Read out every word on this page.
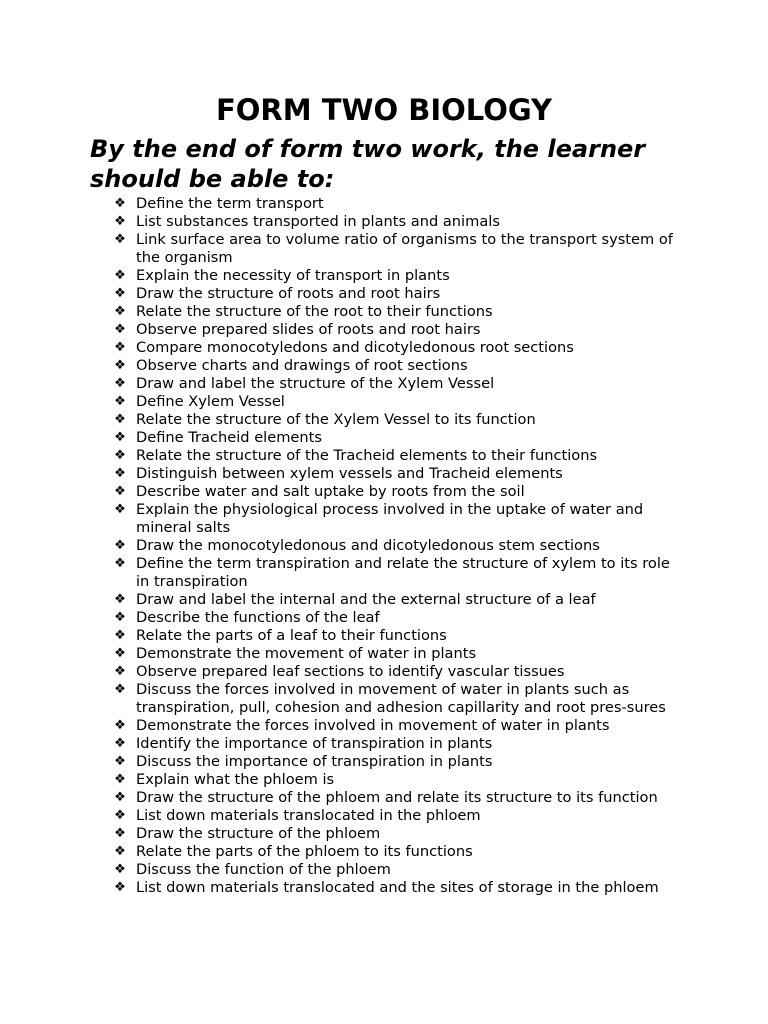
FORM TWO BIOLOGY
By the end of form two work, the learner should be able to:
❖ Define the term transport
❖ List substances transported in plants and animals
❖ Link surface area to volume ratio of organisms to the transport system of the organism
❖ Explain the necessity of transport in plants
❖ Draw the structure of roots and root hairs
❖ Relate the structure of the root to their functions
❖ Observe prepared slides of roots and root hairs
❖ Compare monocotyledons and dicotyledonous root sections
❖ Observe charts and drawings of root sections
❖ Draw and label the structure of the Xylem Vessel
❖ Define Xylem Vessel
❖ Relate the structure of the Xylem Vessel to its function
❖ Define Tracheid elements
❖ Relate the structure of the Tracheid elements to their functions
❖ Distinguish between xylem vessels and Tracheid elements
❖ Describe water and salt uptake by roots from the soil
❖ Explain the physiological process involved in the uptake of water and mineral salts
❖ Draw the monocotyledonous and dicotyledonous stem sections
❖ Define the term transpiration and relate the structure of xylem to its role in transpiration
❖ Draw and label the internal and the external structure of a leaf
❖ Describe the functions of the leaf
❖ Relate the parts of a leaf to their functions
❖ Demonstrate the movement of water in plants
❖ Observe prepared leaf sections to identify vascular tissues
❖ Discuss the forces involved in movement of water in plants such as transpiration, pull, cohesion and adhesion capillarity and root pres-sures
❖ Demonstrate the forces involved in movement of water in plants
❖ Identify the importance of transpiration in plants
❖ Discuss the importance of transpiration in plants
❖ Explain what the phloem is
❖ Draw the structure of the phloem and relate its structure to its function
❖ List down materials translocated in the phloem
❖ Draw the structure of the phloem
❖ Relate the parts of the phloem to its functions
❖ Discuss the function of the phloem
❖ List down materials translocated and the sites of storage in the phloem
